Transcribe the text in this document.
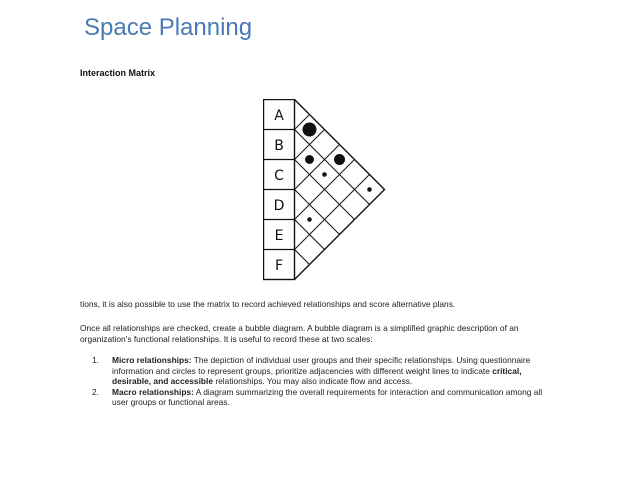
Space Planning
Interaction Matrix
A
B
C
D
E
F
tions, it is also possible to use the matrix to record achieved relationships and score alternative plans.
Once all relationships are checked, create a bubble diagram. A bubble diagram is a simplified graphic description of an organization’s functional relationships. It is useful to record these at two scales:
1.	Micro relationships: The depiction of individual user groups and their specific relationships. Using questionnaire information and circles to represent groups, prioritize adjacencies with different weight lines to indicate critical, desirable, and accessible relationships. You may also indicate flow and access.
2.	Macro relationships: A diagram summarizing the overall requirements for interaction and communication among all user groups or functional areas.
